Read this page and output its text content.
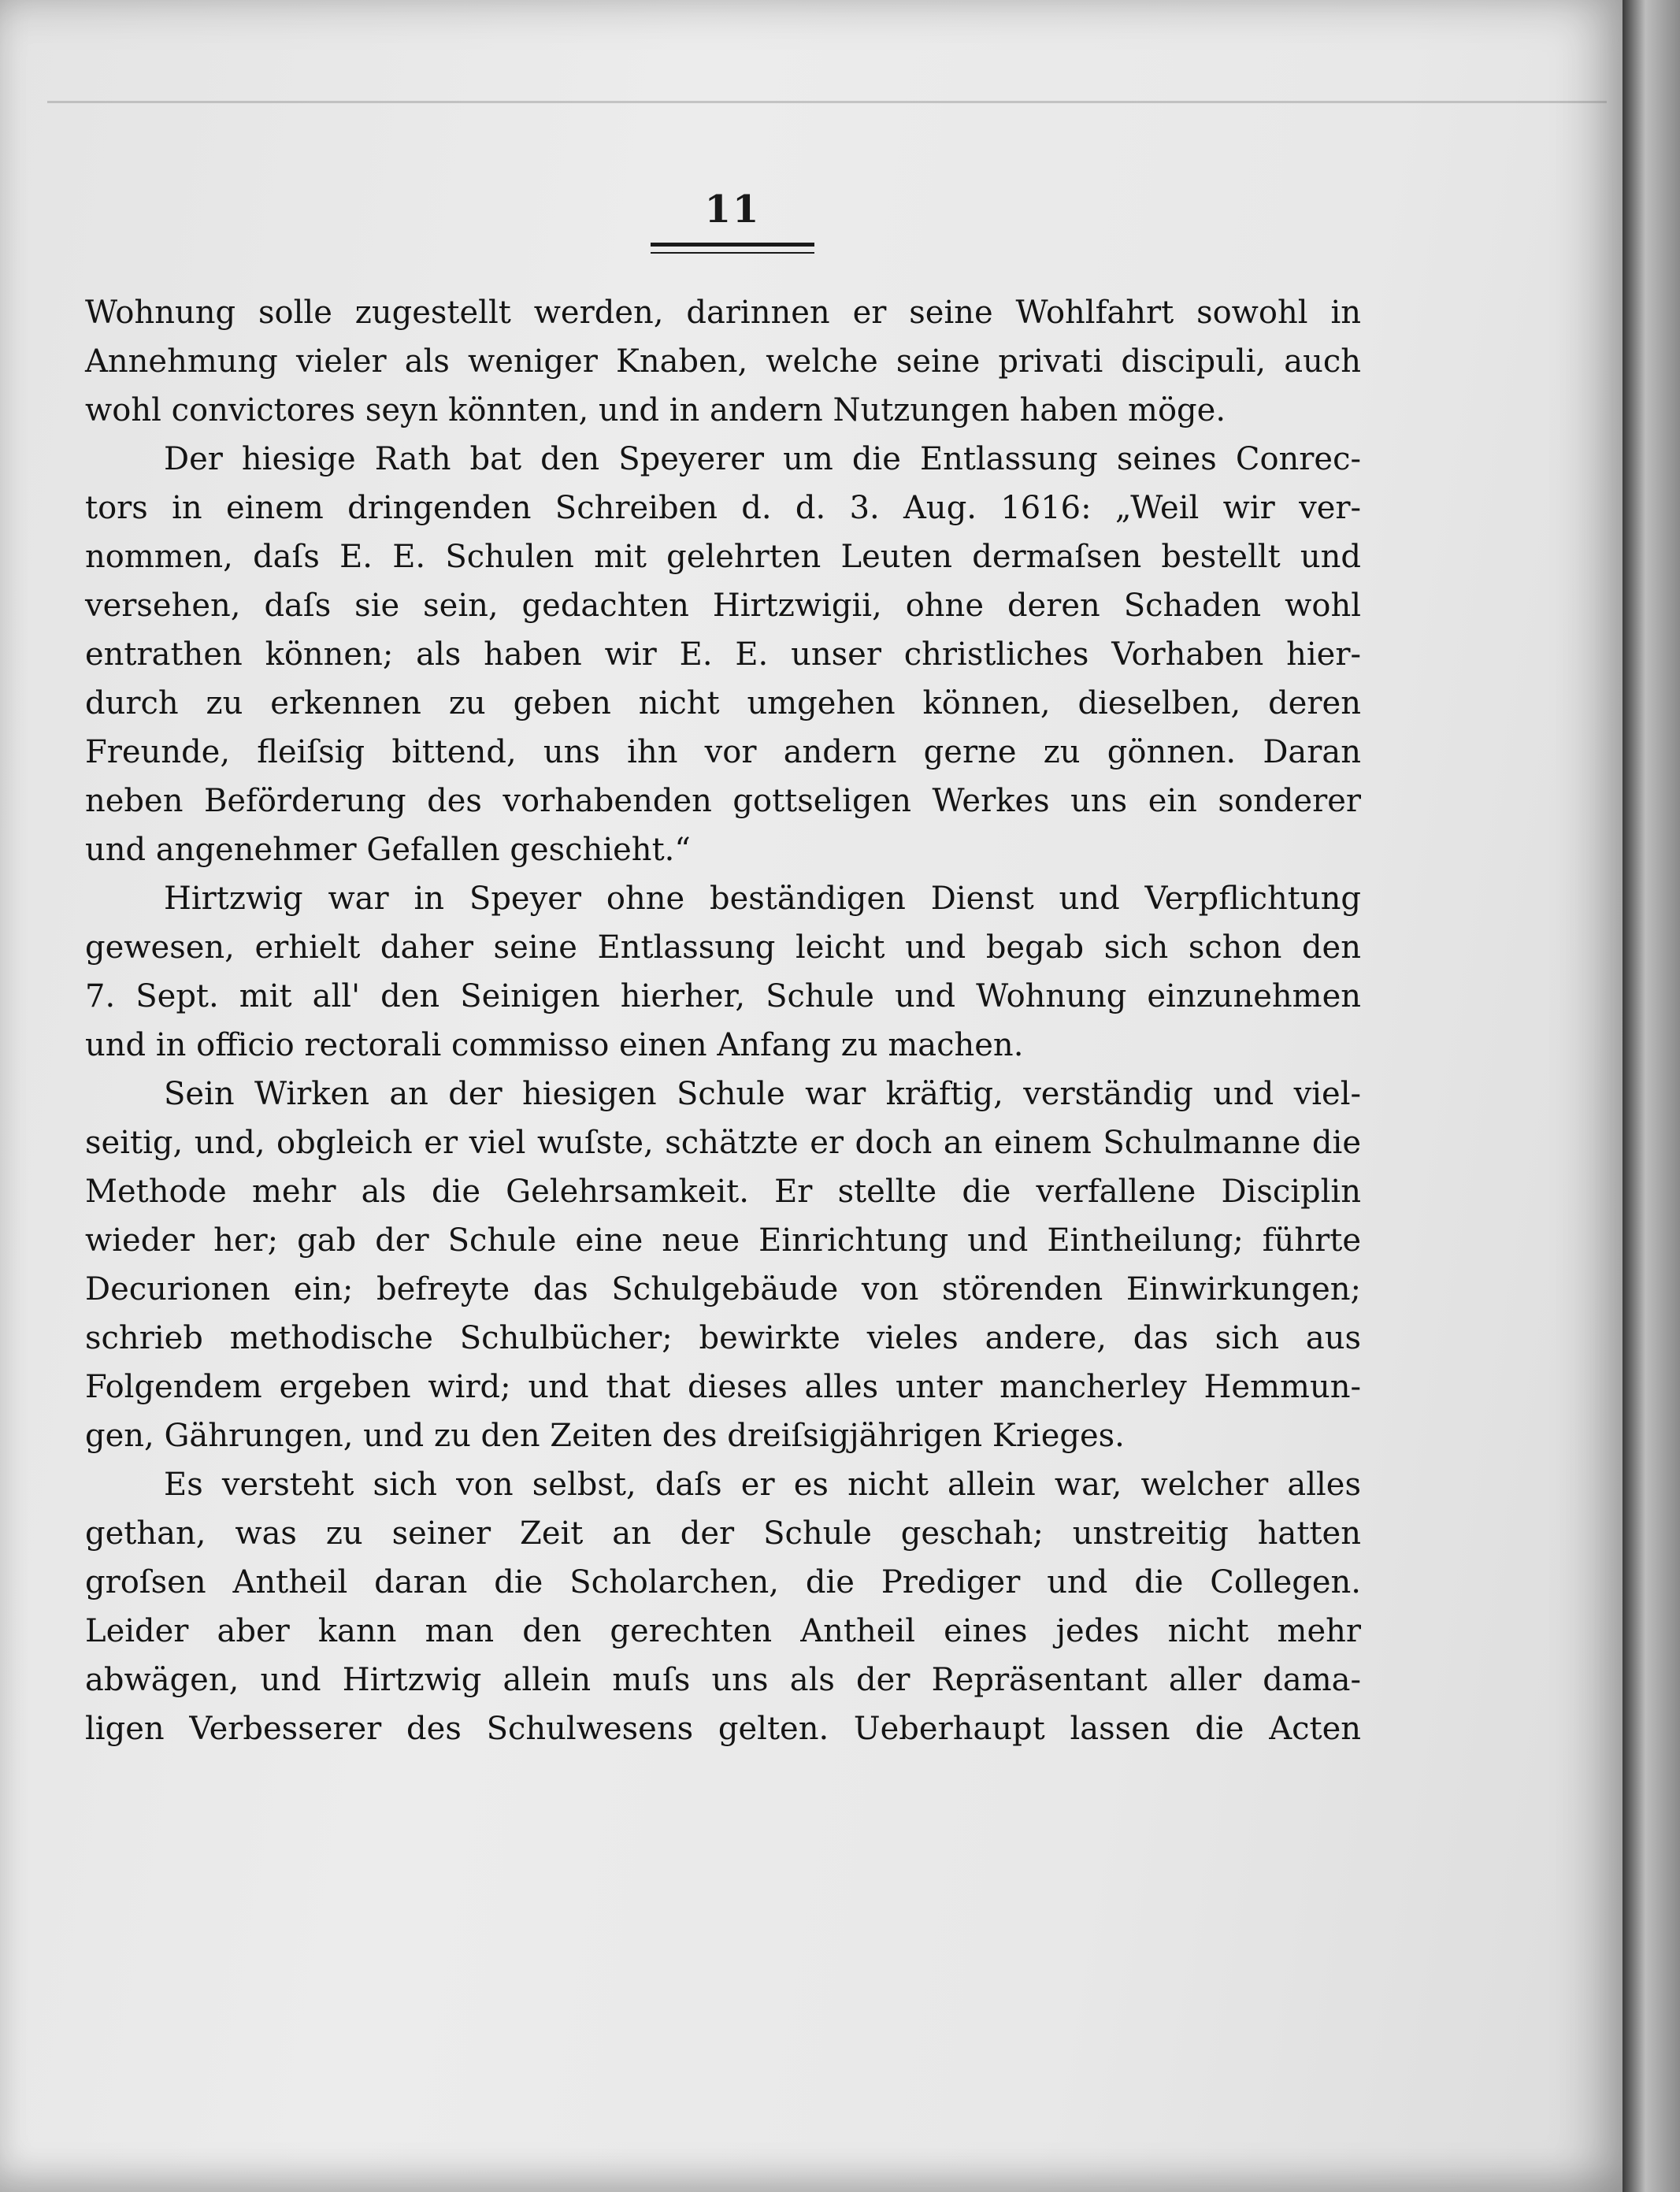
11
Wohnung solle zugestellt werden, darinnen er seine Wohlfahrt sowohl in
Annehmung vieler als weniger Knaben, welche seine privati discipuli, auch
wohl convictores seyn könnten, und in andern Nutzungen haben möge.
Der hiesige Rath bat den Speyerer um die Entlassung seines Conrec-
tors in einem dringenden Schreiben d. d. 3. Aug. 1616: „Weil wir ver-
nommen, daſs E. E. Schulen mit gelehrten Leuten dermaſsen bestellt und
versehen, daſs sie sein, gedachten Hirtzwigii, ohne deren Schaden wohl
entrathen können; als haben wir E. E. unser christliches Vorhaben hier-
durch zu erkennen zu geben nicht umgehen können, dieselben, deren
Freunde, fleiſsig bittend, uns ihn vor andern gerne zu gönnen. Daran
neben Beförderung des vorhabenden gottseligen Werkes uns ein sonderer
und angenehmer Gefallen geschieht.“
Hirtzwig war in Speyer ohne beständigen Dienst und Verpflichtung
gewesen, erhielt daher seine Entlassung leicht und begab sich schon den
7. Sept. mit all' den Seinigen hierher, Schule und Wohnung einzunehmen
und in officio rectorali commisso einen Anfang zu machen.
Sein Wirken an der hiesigen Schule war kräftig, verständig und viel-
seitig, und, obgleich er viel wuſste, schätzte er doch an einem Schulmanne die
Methode mehr als die Gelehrsamkeit. Er stellte die verfallene Disciplin
wieder her; gab der Schule eine neue Einrichtung und Eintheilung; führte
Decurionen ein; befreyte das Schulgebäude von störenden Einwirkungen;
schrieb methodische Schulbücher; bewirkte vieles andere, das sich aus
Folgendem ergeben wird; und that dieses alles unter mancherley Hemmun-
gen, Gährungen, und zu den Zeiten des dreiſsigjährigen Krieges.
Es versteht sich von selbst, daſs er es nicht allein war, welcher alles
gethan, was zu seiner Zeit an der Schule geschah; unstreitig hatten
groſsen Antheil daran die Scholarchen, die Prediger und die Collegen.
Leider aber kann man den gerechten Antheil eines jedes nicht mehr
abwägen, und Hirtzwig allein muſs uns als der Repräsentant aller dama-
ligen Verbesserer des Schulwesens gelten. Ueberhaupt lassen die Acten
